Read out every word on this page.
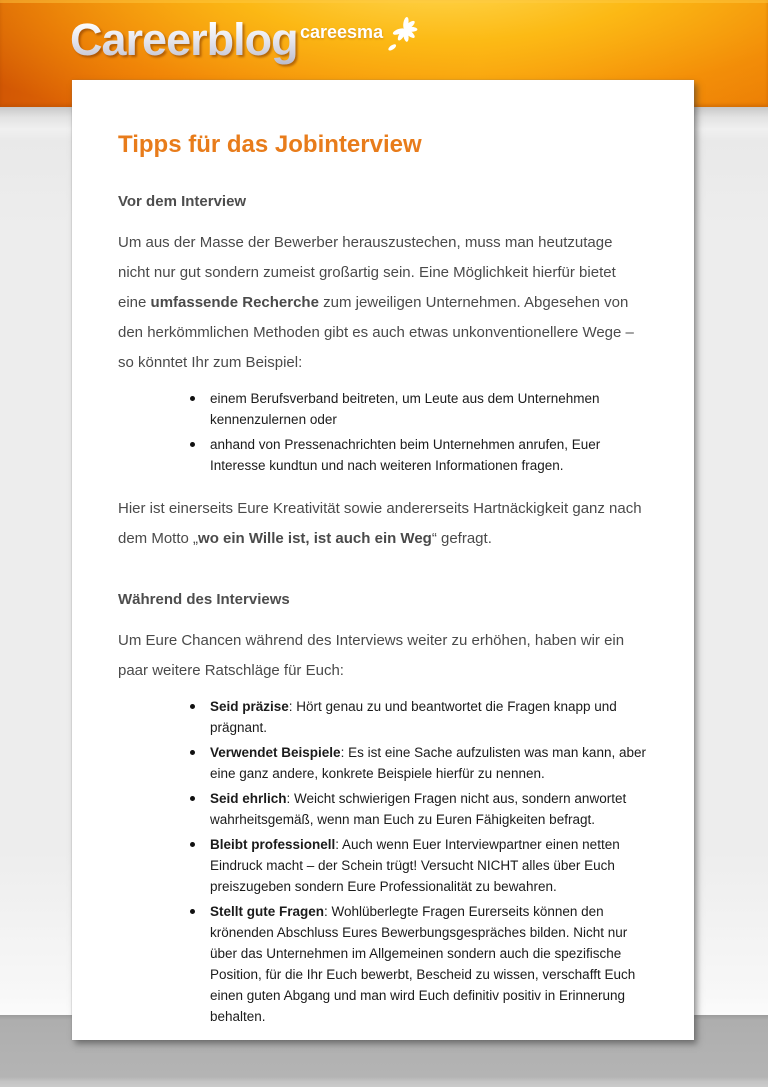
Careerblog careesma
Tipps für das Jobinterview
Vor dem Interview

Um aus der Masse der Bewerber herauszustechen, muss man heutzutage nicht nur gut sondern zumeist großartig sein. Eine Möglichkeit hierfür bietet eine umfassende Recherche zum jeweiligen Unternehmen. Abgesehen von den herkömmlichen Methoden gibt es auch etwas unkonventionellere Wege – so könntet Ihr zum Beispiel:

einem Berufsverband beitreten, um Leute aus dem Unternehmen kennenzulernen oder
anhand von Pressenachrichten beim Unternehmen anrufen, Euer Interesse kundtun und nach weiteren Informationen fragen.

Hier ist einerseits Eure Kreativität sowie andererseits Hartnäckigkeit ganz nach dem Motto „wo ein Wille ist, ist auch ein Weg“ gefragt.

Während des Interviews

Um Eure Chancen während des Interviews weiter zu erhöhen, haben wir ein paar weitere Ratschläge für Euch:

Seid präzise: Hört genau zu und beantwortet die Fragen knapp und prägnant.
Verwendet Beispiele: Es ist eine Sache aufzulisten was man kann, aber eine ganz andere, konkrete Beispiele hierfür zu nennen.
Seid ehrlich: Weicht schwierigen Fragen nicht aus, sondern anwortet wahrheitsgemäß, wenn man Euch zu Euren Fähigkeiten befragt.
Bleibt professionell: Auch wenn Euer Interviewpartner einen netten Eindruck macht – der Schein trügt! Versucht NICHT alles über Euch preiszugeben sondern Eure Professionalität zu bewahren.
Stellt gute Fragen: Wohlüberlegte Fragen Eurerseits können den krönenden Abschluss Eures Bewerbungsgespräches bilden. Nicht nur über das Unternehmen im Allgemeinen sondern auch die spezifische Position, für die Ihr Euch bewerbt, Bescheid zu wissen, verschafft Euch einen guten Abgang und man wird Euch definitiv positiv in Erinnerung behalten.
